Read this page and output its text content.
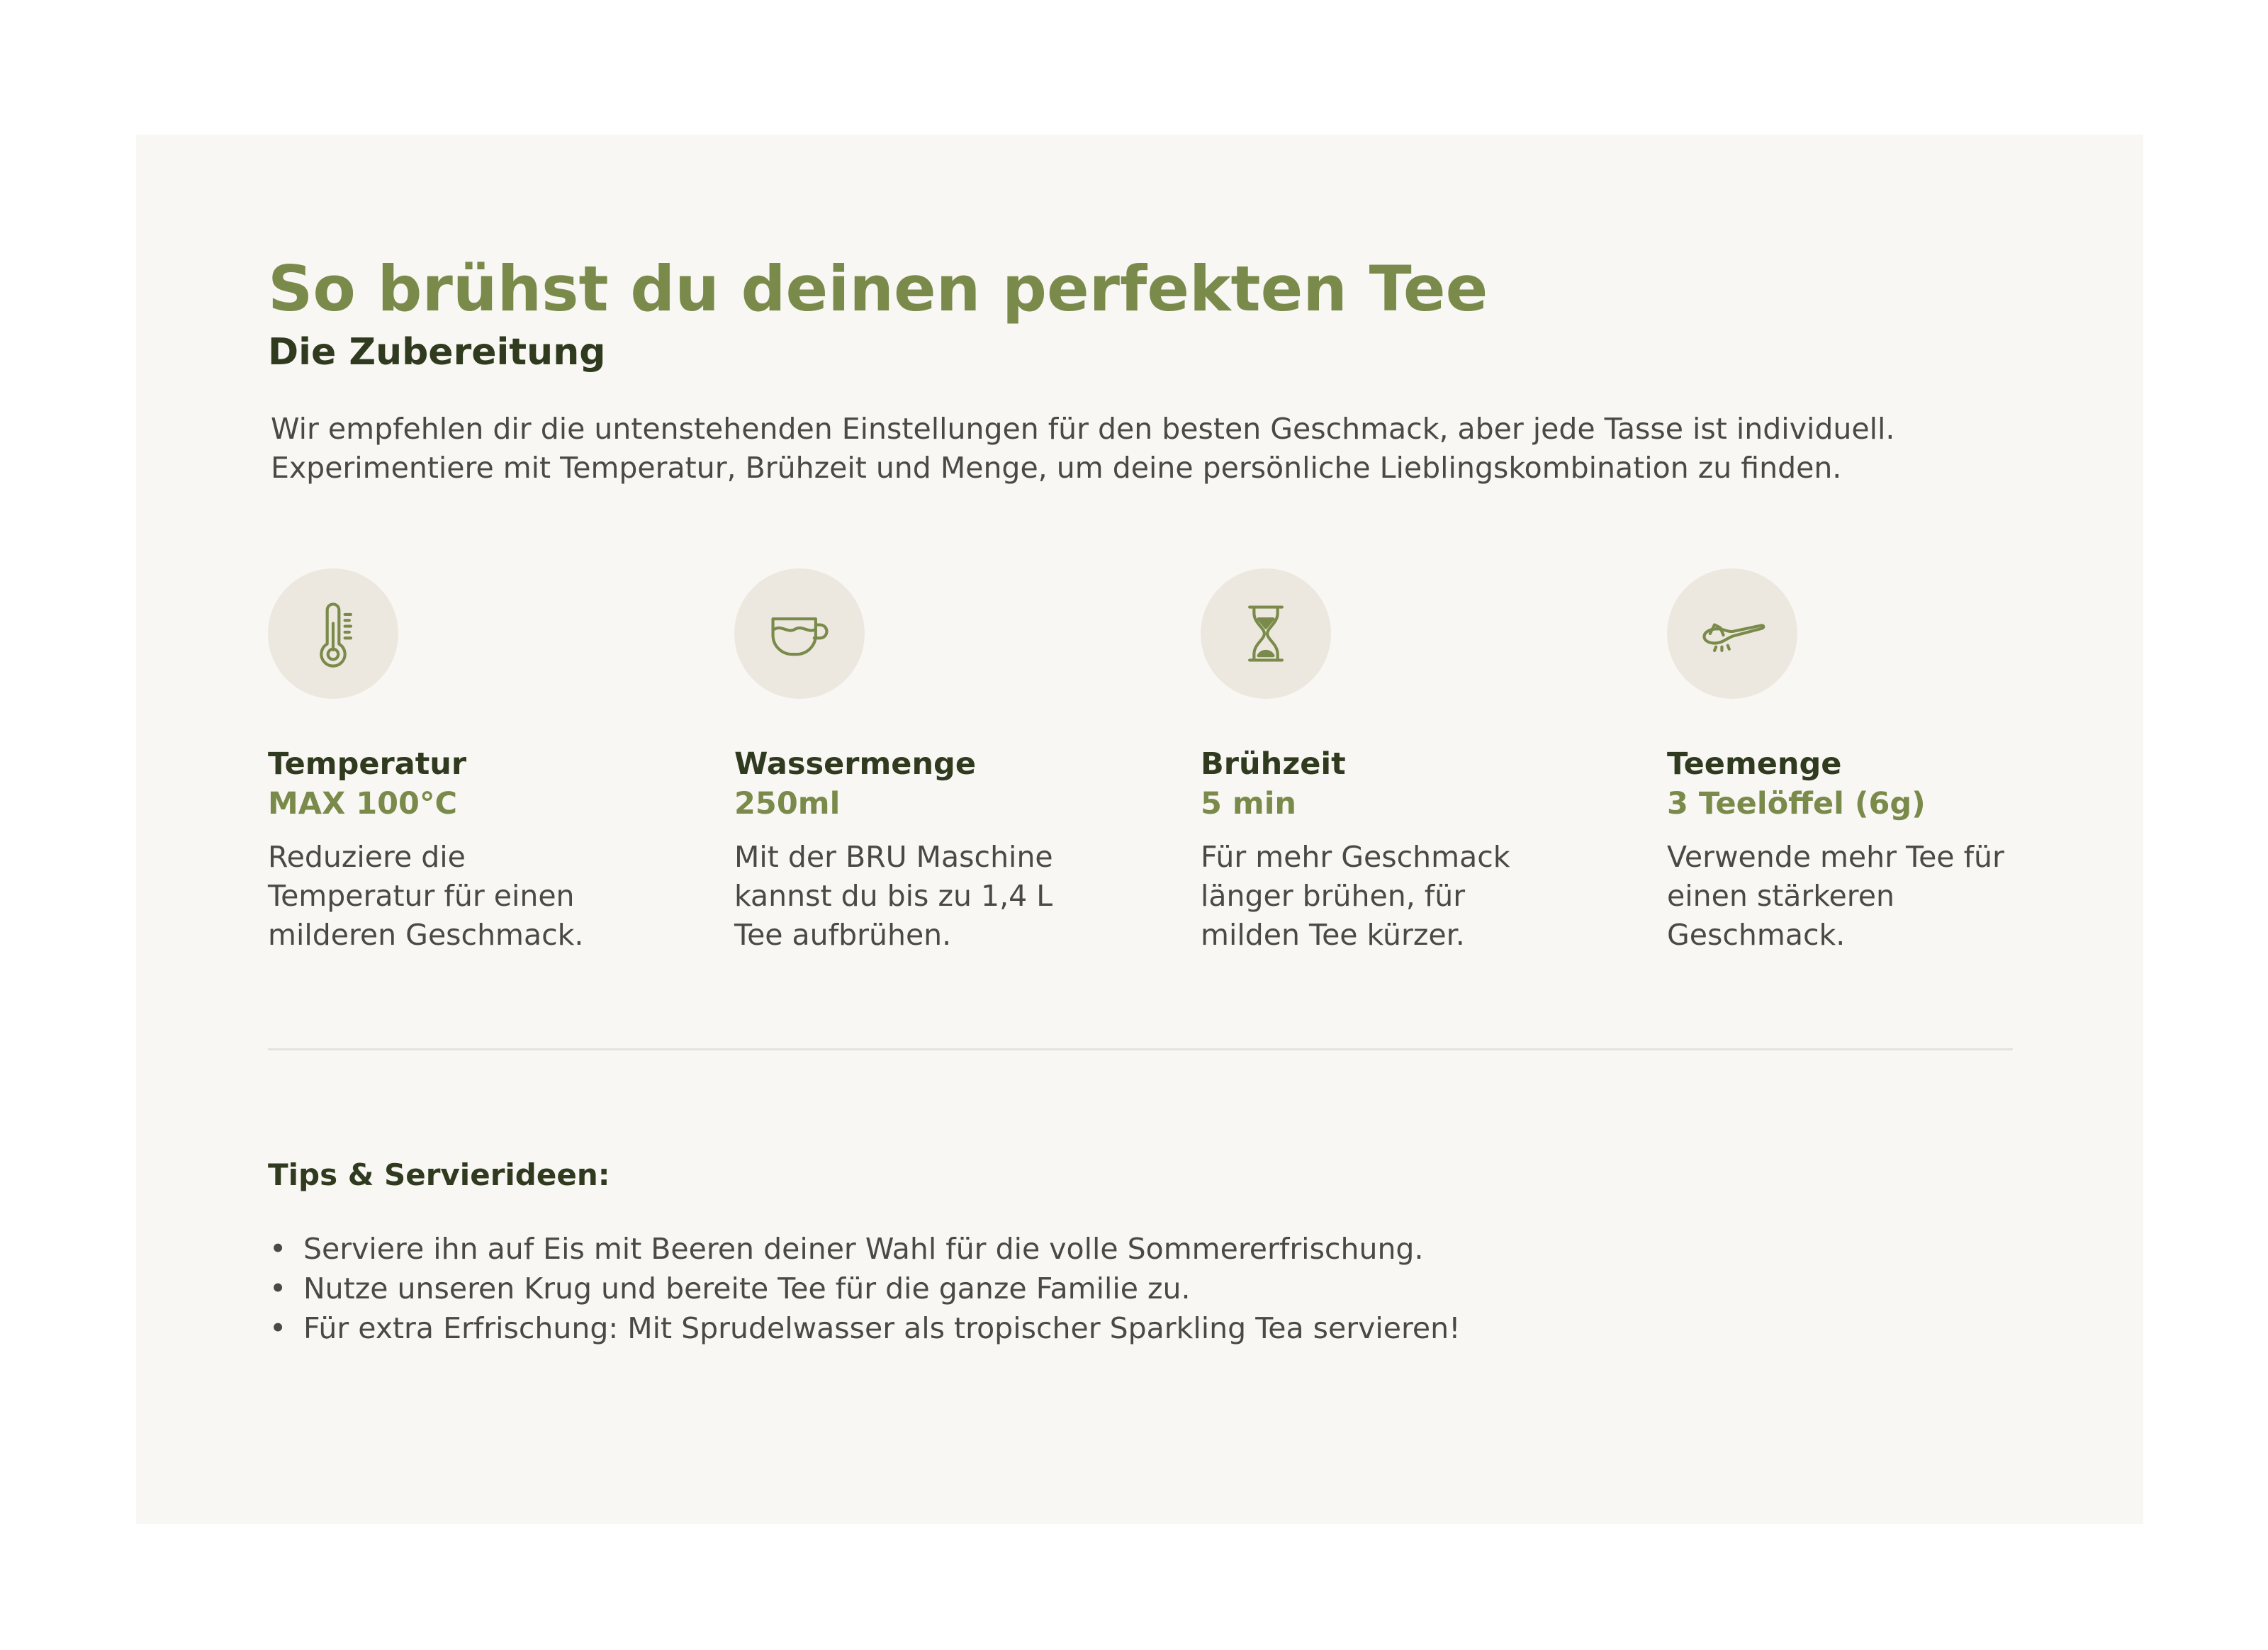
So brühst du deinen perfekten Tee
Die Zubereitung

Wir empfehlen dir die untenstehenden Einstellungen für den besten Geschmack, aber jede Tasse ist individuell. Experimentiere mit Temperatur, Brühzeit und Menge, um deine persönliche Lieblingskombination zu finden.

Temperatur
MAX 100°C
Reduziere die Temperatur für einen milderen Geschmack.
Wassermenge
250ml
Mit der BRU Maschine kannst du bis zu 1,4 L Tee aufbrühen.
Brühzeit
5 min
Für mehr Geschmack länger brühen, für milden Tee kürzer.
Teemenge
3 Teelöffel (6g)
Verwende mehr Tee für einen stärkeren Geschmack.
Tips & Servierideen:
• Serviere ihn auf Eis mit Beeren deiner Wahl für die volle Sommererfrischung.
• Nutze unseren Krug und bereite Tee für die ganze Familie zu.
• Für extra Erfrischung: Mit Sprudelwasser als tropischer Sparkling Tea servieren!
